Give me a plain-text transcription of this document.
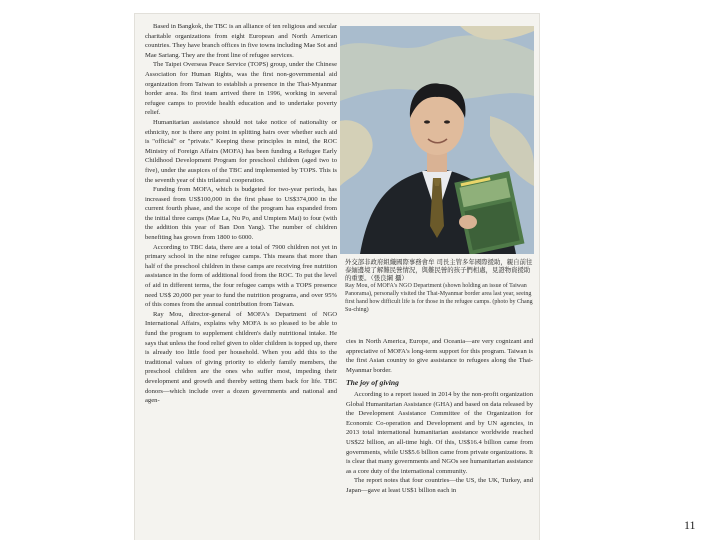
Based in Bangkok, the TBC is an alliance of ten religious and secular charitable organizations from eight European and North American countries. They have branch offices in five towns including Mae Sot and Mae Sariang. They are the front line of refugee services.

The Taipei Overseas Peace Service (TOPS) group, under the Chinese Association for Human Rights, was the first non-governmental aid organization from Taiwan to establish a presence in the Thai-Myanmar border area. Its first team arrived there in 1996, working in several refugee camps to provide health education and to undertake poverty relief.

Humanitarian assistance should not take notice of nationality or ethnicity, nor is there any point in splitting hairs over whether such aid is "official" or "private." Keeping these principles in mind, the ROC Ministry of Foreign Affairs (MOFA) has been funding a Refugee Early Childhood Development Program for preschool children (aged two to five), under the auspices of the TBC and implemented by TOPS. This is the seventh year of this trilateral cooperation.

Funding from MOFA, which is budgeted for two-year periods, has increased from US$100,000 in the first phase to US$374,000 in the current fourth phase, and the scope of the program has expanded from the initial three camps (Mae La, Nu Po, and Umpiem Mai) to four (with the addition this year of Ban Don Yang). The number of children benefiting has grown from 1800 to 6000.

According to TBC data, there are a total of 7900 children not yet in primary school in the nine refugee camps. This means that more than half of the preschool children in these camps are receiving free nutrition assistance in the form of additional food from the ROC. To put the level of aid in different terms, the four refugee camps with a TOPS presence need US$ 20,000 per year to fund the nutrition programs, and over 95% of this comes from the annual contribution from Taiwan.

Ray Mou, director-general of MOFA's Department of NGO International Affairs, explains why MOFA is so pleased to be able to fund the program to supplement children's daily nutritional intake. He says that unless the food relief given to older children is topped up, there is already too little food per household. When you add this to the traditional values of giving priority to elderly family members, the preschool children are the ones who suffer most, impeding their development and growth and thereby setting them back for life. TBC donors—which include over a dozen governments and national and agen-

外交部非政府組織國際事務會牟 司長主管多年國際援助，親自前往泰緬邊境了解難民營情況，與難民營的孩子們相處，見證物資援助的重要。（張良綱 攝）
Ray Mou, of MOFA's NGO Department (shown holding an issue of Taiwan Panorama), personally visited the Thai-Myanmar border area last year, seeing first hand how difficult life is for those in the refugee camps. (photo by Chang Su-ching)

cies in North America, Europe, and Oceania—are very cognizant and appreciative of MOFA's long-term support for this program. Taiwan is the first Asian country to give assistance to refugees along the Thai-Myanmar border.

The joy of giving

According to a report issued in 2014 by the non-profit organization Global Humanitarian Assistance (GHA) and based on data released by the Development Assistance Committee of the Organization for Economic Co-operation and Development and by UN agencies, in 2013 total international humanitarian assistance worldwide reached US$22 billion, an all-time high. Of this, US$16.4 billion came from governments, while US$5.6 billion came from private organizations. It is clear that many governments and NGOs see humanitarian assistance as a core duty of the international community.

The report notes that four countries—the US, the UK, Turkey, and Japan—gave at least US$1 billion each in

11
